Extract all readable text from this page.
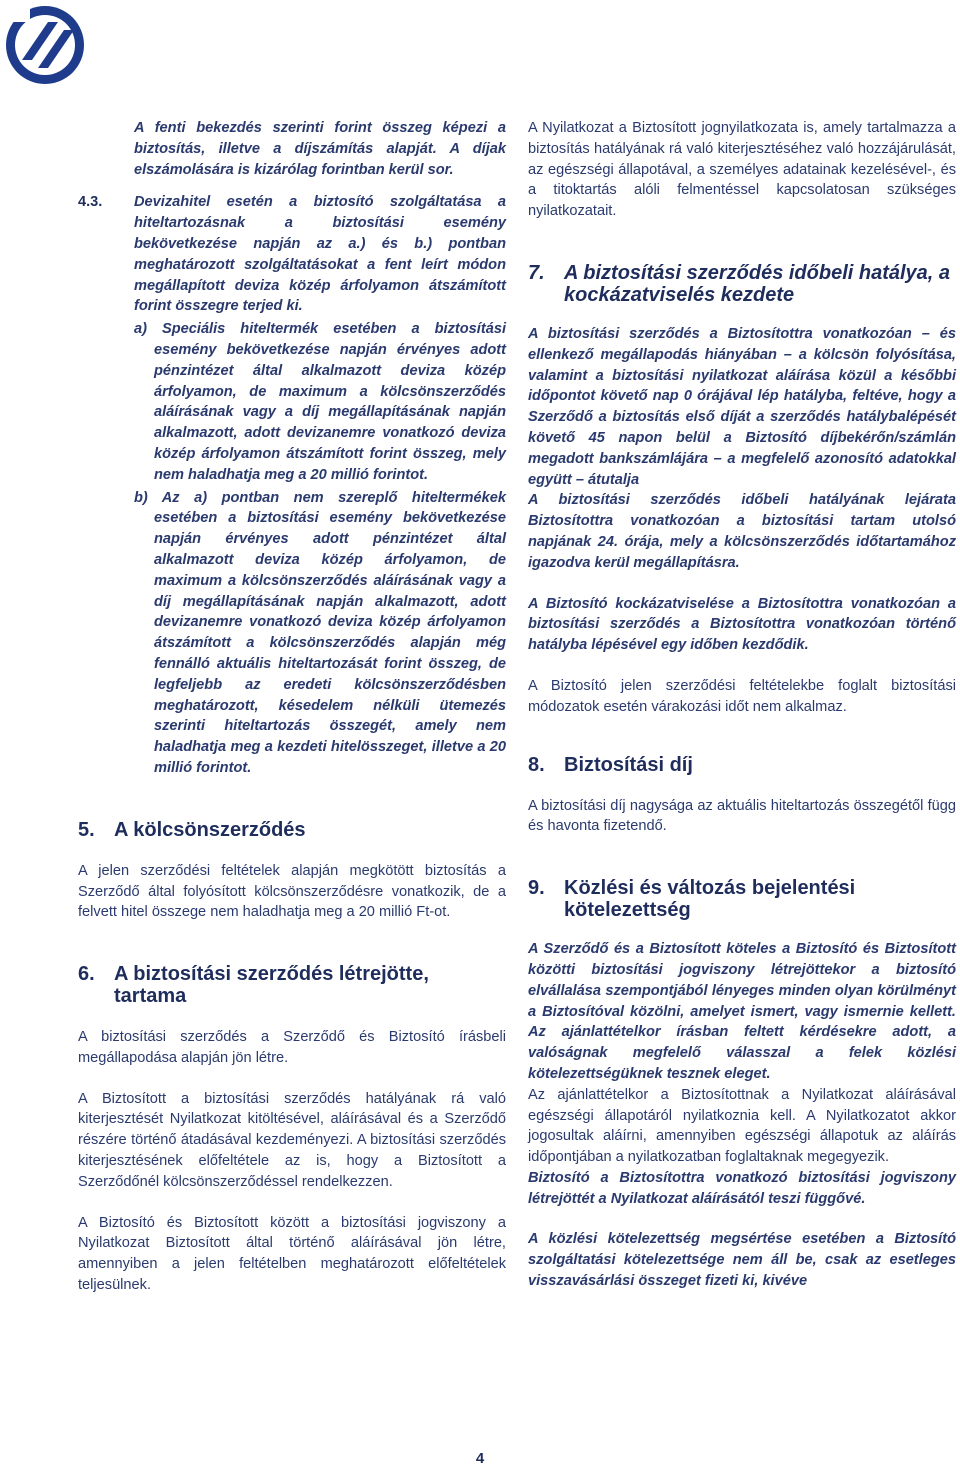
A fenti bekezdés szerinti forint összeg képezi a biztosítás, illetve a díjszámítás alapját. A díjak elszámolására is kizárólag forintban kerül sor.

4.3. Devizahitel esetén a biztosító szolgáltatása a hiteltartozásnak a biztosítási esemény bekövetkezése napján az a.) és b.) pontban meghatározott szolgáltatásokat a fent leírt módon megállapított deviza közép árfolyamon átszámított forint összegre terjed ki.

a) Speciális hiteltermék esetében a biztosítási esemény bekövetkezése napján érvényes adott pénzintézet által alkalmazott deviza közép árfolyamon, de maximum a kölcsönszerződés aláírásának vagy a díj megállapításának napján alkalmazott, adott devizanemre vonatkozó deviza közép árfolyamon átszámított forint összeg, mely nem haladhatja meg a 20 millió forintot.

b) Az a) pontban nem szereplő hiteltermékek esetében a biztosítási esemény bekövetkezése napján érvényes adott pénzintézet által alkalmazott deviza közép árfolyamon, de maximum a kölcsönszerződés aláírásának vagy a díj megállapításának napján alkalmazott, adott devizanemre vonatkozó deviza közép árfolyamon átszámított a kölcsönszerződés alapján még fennálló aktuális hiteltartozását forint összeg, de legfeljebb az eredeti kölcsönszerződésben meghatározott, késedelem nélküli ütemezés szerinti hiteltartozás összegét, amely nem haladhatja meg a kezdeti hitelösszeget, illetve a 20 millió forintot.

5. A kölcsönszerződés

A jelen szerződési feltételek alapján megkötött biztosítás a Szerződő által folyósított kölcsönszerződésre vonatkozik, de a felvett hitel összege nem haladhatja meg a 20 millió Ft-ot.

6. A biztosítási szerződés létrejötte, tartama

A biztosítási szerződés a Szerződő és Biztosító írásbeli megállapodása alapján jön létre.

A Biztosított a biztosítási szerződés hatályának rá való kiterjesztését Nyilatkozat kitöltésével, aláírásával és a Szerződő részére történő átadásával kezdeményezi. A biztosítási szerződés kiterjesztésének előfeltétele az is, hogy a Biztosított a Szerződőnél kölcsönszerződéssel rendelkezzen.

A Biztosító és Biztosított között a biztosítási jogviszony a Nyilatkozat Biztosított által történő aláírásával jön létre, amennyiben a jelen feltételben meghatározott előfeltételek teljesülnek.

A Nyilatkozat a Biztosított jognyilatkozata is, amely tartalmazza a biztosítás hatályának rá való kiterjesztéséhez való hozzájárulását, az egészségi állapotával, a személyes adatainak kezelésével-, és a titoktartás alóli felmentéssel kapcsolatosan szükséges nyilatkozatait.

7. A biztosítási szerződés időbeli hatálya, a kockázatviselés kezdete

A biztosítási szerződés a Biztosítottra vonatkozóan – és ellenkező megállapodás hiányában – a kölcsön folyósítása, valamint a biztosítási nyilatkozat aláírása közül a későbbi időpontot követő nap 0 órájával lép hatályba, feltéve, hogy a Szerződő a biztosítás első díját a szerződés hatálybalépését követő 45 napon belül a Biztosító díjbekérőn/számlán megadott bankszámlájára – a megfelelő azonosító adatokkal együtt – átutalja

A biztosítási szerződés időbeli hatályának lejárata Biztosítottra vonatkozóan a biztosítási tartam utolsó napjának 24. órája, mely a kölcsönszerződés időtartamához igazodva kerül megállapításra.

A Biztosító kockázatviselése a Biztosítottra vonatkozóan a biztosítási szerződés a Biztosítottra vonatkozóan történő hatályba lépésével egy időben kezdődik.

A Biztosító jelen szerződési feltételekbe foglalt biztosítási módozatok esetén várakozási időt nem alkalmaz.

8. Biztosítási díj

A biztosítási díj nagysága az aktuális hiteltartozás összegétől függ és havonta fizetendő.

9. Közlési és változás bejelentési kötelezettség

A Szerződő és a Biztosított köteles a Biztosító és Biztosított közötti biztosítási jogviszony létrejöttekor a biztosító elvállalása szempontjából lényeges minden olyan körülményt a Biztosítóval közölni, amelyet ismert, vagy ismernie kellett. Az ajánlattételkor írásban feltett kérdésekre adott, a valóságnak megfelelő válasszal a felek közlési kötelezettségüknek tesznek eleget.

Az ajánlattételkor a Biztosítottnak a Nyilatkozat aláírásával egészségi állapotáról nyilatkoznia kell. A Nyilatkozatot akkor jogosultak aláírni, amennyiben egészségi állapotuk az aláírás időpontjában a nyilatkozatban foglaltaknak megegyezik.

Biztosító a Biztosítottra vonatkozó biztosítási jogviszony létrejöttét a Nyilatkozat aláírásától teszi függővé.

A közlési kötelezettség megsértése esetében a Biztosító szolgáltatási kötelezettsége nem áll be, csak az esetleges visszavásárlási összeget fizeti ki, kivéve

4
